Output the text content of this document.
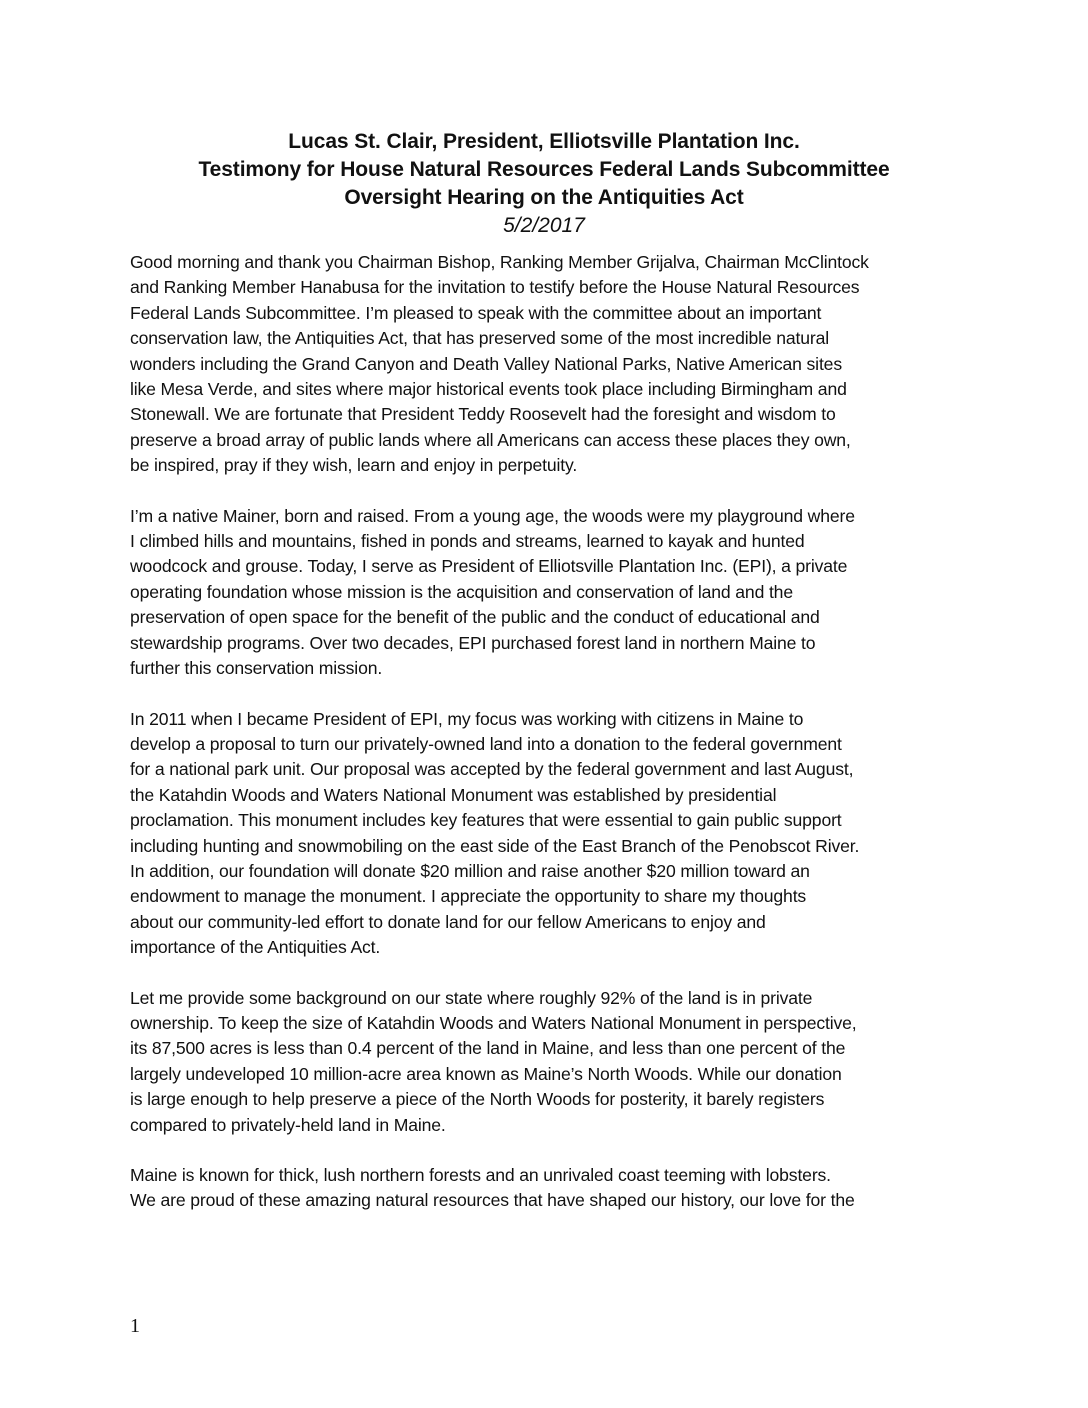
Lucas St. Clair, President, Elliotsville Plantation Inc.
Testimony for House Natural Resources Federal Lands Subcommittee
Oversight Hearing on the Antiquities Act
5/2/2017
Good morning and thank you Chairman Bishop, Ranking Member Grijalva, Chairman McClintock
and Ranking Member Hanabusa for the invitation to testify before the House Natural Resources
Federal Lands Subcommittee. I’m pleased to speak with the committee about an important
conservation law, the Antiquities Act, that has preserved some of the most incredible natural
wonders including the Grand Canyon and Death Valley National Parks, Native American sites
like Mesa Verde, and sites where major historical events took place including Birmingham and
Stonewall. We are fortunate that President Teddy Roosevelt had the foresight and wisdom to
preserve a broad array of public lands where all Americans can access these places they own,
be inspired, pray if they wish, learn and enjoy in perpetuity.
I’m a native Mainer, born and raised. From a young age, the woods were my playground where
I climbed hills and mountains, fished in ponds and streams, learned to kayak and hunted
woodcock and grouse. Today, I serve as President of Elliotsville Plantation Inc. (EPI), a private
operating foundation whose mission is the acquisition and conservation of land and the
preservation of open space for the benefit of the public and the conduct of educational and
stewardship programs. Over two decades, EPI purchased forest land in northern Maine to
further this conservation mission.
In 2011 when I became President of EPI, my focus was working with citizens in Maine to
develop a proposal to turn our privately-owned land into a donation to the federal government
for a national park unit. Our proposal was accepted by the federal government and last August,
the Katahdin Woods and Waters National Monument was established by presidential
proclamation. This monument includes key features that were essential to gain public support
including hunting and snowmobiling on the east side of the East Branch of the Penobscot River.
In addition, our foundation will donate $20 million and raise another $20 million toward an
endowment to manage the monument. I appreciate the opportunity to share my thoughts
about our community-led effort to donate land for our fellow Americans to enjoy and
importance of the Antiquities Act.
Let me provide some background on our state where roughly 92% of the land is in private
ownership. To keep the size of Katahdin Woods and Waters National Monument in perspective,
its 87,500 acres is less than 0.4 percent of the land in Maine, and less than one percent of the
largely undeveloped 10 million-acre area known as Maine’s North Woods. While our donation
is large enough to help preserve a piece of the North Woods for posterity, it barely registers
compared to privately-held land in Maine.
Maine is known for thick, lush northern forests and an unrivaled coast teeming with lobsters.
We are proud of these amazing natural resources that have shaped our history, our love for the
1
